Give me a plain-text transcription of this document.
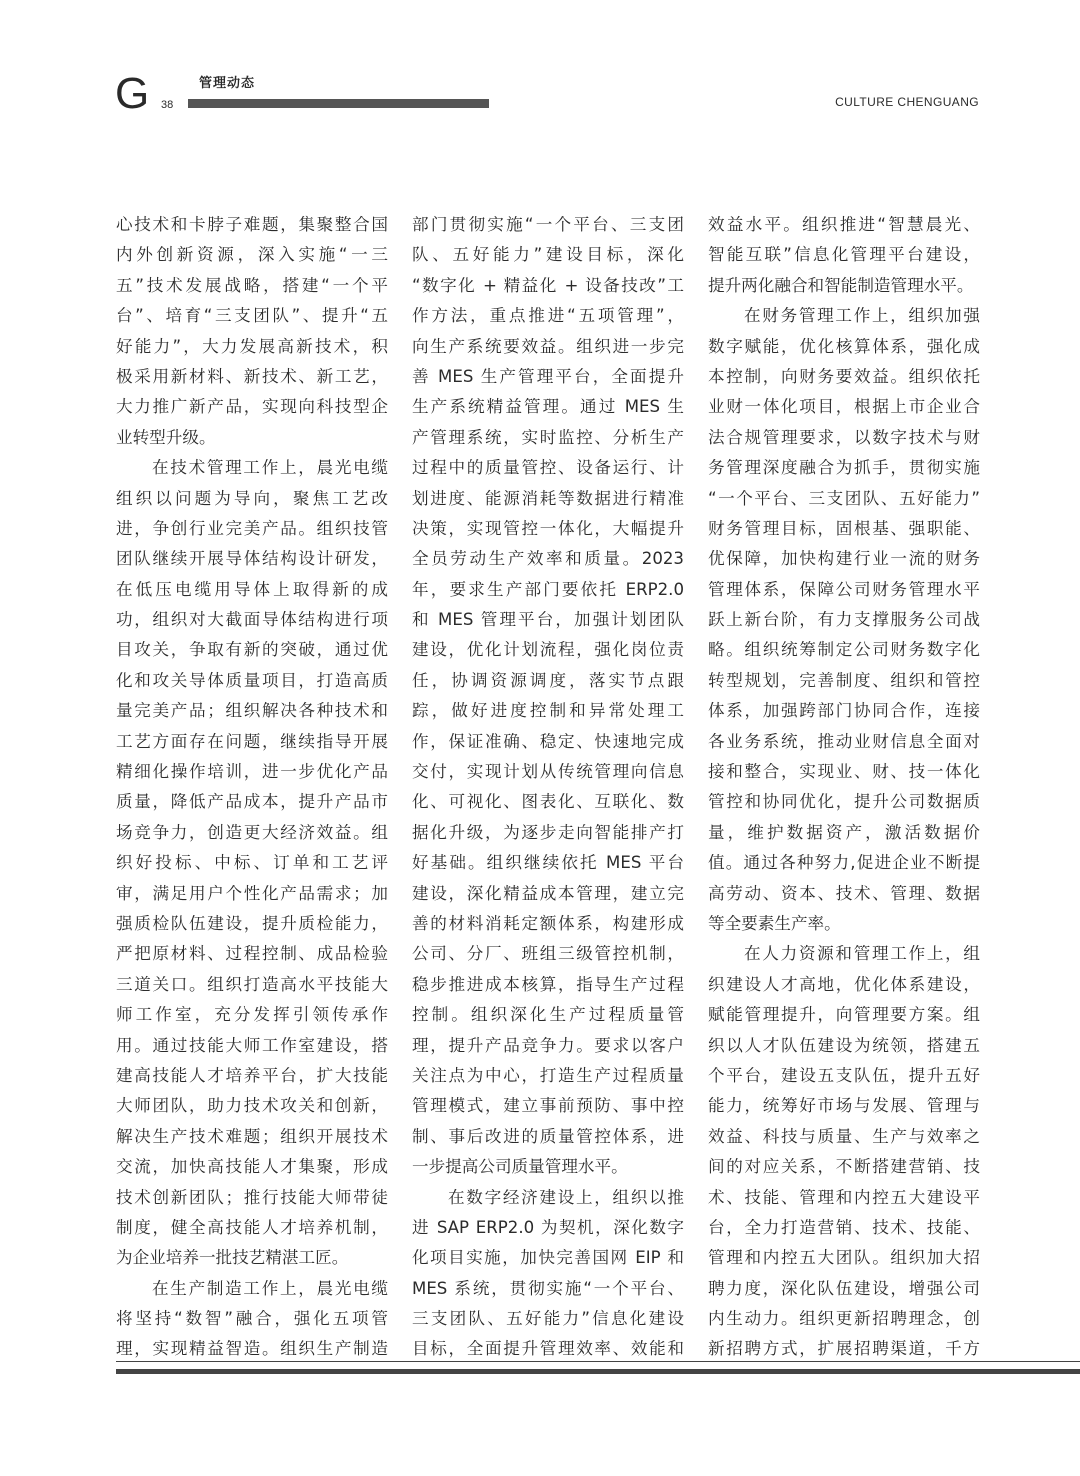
G 38
管理动态
CULTURE CHENGUANG
心技术和卡脖子难题，集聚整合国
内外创新资源，深入实施“一三
五”技术发展战略，搭建“一个平
台”、培育“三支团队”、提升“五
好能力”，大力发展高新技术，积
极采用新材料、新技术、新工艺，
大力推广新产品，实现向科技型企
业转型升级。
在技术管理工作上，晨光电缆
组织以问题为导向，聚焦工艺改
进，争创行业完美产品。组织技管
团队继续开展导体结构设计研发，
在低压电缆用导体上取得新的成
功，组织对大截面导体结构进行项
目攻关，争取有新的突破，通过优
化和攻关导体质量项目，打造高质
量完美产品；组织解决各种技术和
工艺方面存在问题，继续指导开展
精细化操作培训，进一步优化产品
质量，降低产品成本，提升产品市
场竞争力，创造更大经济效益。组
织好投标、中标、订单和工艺评
审，满足用户个性化产品需求；加
强质检队伍建设，提升质检能力，
严把原材料、过程控制、成品检验
三道关口。组织打造高水平技能大
师工作室，充分发挥引领传承作
用。通过技能大师工作室建设，搭
建高技能人才培养平台，扩大技能
大师团队，助力技术攻关和创新，
解决生产技术难题；组织开展技术
交流，加快高技能人才集聚，形成
技术创新团队；推行技能大师带徒
制度，健全高技能人才培养机制，
为企业培养一批技艺精湛工匠。
在生产制造工作上，晨光电缆
将坚持“数智”融合，强化五项管
理，实现精益智造。组织生产制造
部门贯彻实施“一个平台、三支团
队、五好能力”建设目标，深化
“数字化 + 精益化 + 设备技改”工
作方法，重点推进“五项管理”，
向生产系统要效益。组织进一步完
善 MES 生产管理平台，全面提升
生产系统精益管理。通过 MES 生
产管理系统，实时监控、分析生产
过程中的质量管控、设备运行、计
划进度、能源消耗等数据进行精准
决策，实现管控一体化，大幅提升
全员劳动生产效率和质量。2023
年，要求生产部门要依托 ERP2.0
和 MES 管理平台，加强计划团队
建设，优化计划流程，强化岗位责
任，协调资源调度，落实节点跟
踪，做好进度控制和异常处理工
作，保证准确、稳定、快速地完成
交付，实现计划从传统管理向信息
化、可视化、图表化、互联化、数
据化升级，为逐步走向智能排产打
好基础。组织继续依托 MES 平台
建设，深化精益成本管理，建立完
善的材料消耗定额体系，构建形成
公司、分厂、班组三级管控机制，
稳步推进成本核算，指导生产过程
控制。组织深化生产过程质量管
理，提升产品竞争力。要求以客户
关注点为中心，打造生产过程质量
管理模式，建立事前预防、事中控
制、事后改进的质量管控体系，进
一步提高公司质量管理水平。
在数字经济建设上，组织以推
进 SAP ERP2.0 为契机，深化数字
化项目实施，加快完善国网 EIP 和
MES 系统，贯彻实施“一个平台、
三支团队、五好能力”信息化建设
目标，全面提升管理效率、效能和
效益水平。组织推进“智慧晨光、
智能互联”信息化管理平台建设，
提升两化融合和智能制造管理水平。
在财务管理工作上，组织加强
数字赋能，优化核算体系，强化成
本控制，向财务要效益。组织依托
业财一体化项目，根据上市企业合
法合规管理要求，以数字技术与财
务管理深度融合为抓手，贯彻实施
“一个平台、三支团队、五好能力”
财务管理目标，固根基、强职能、
优保障，加快构建行业一流的财务
管理体系，保障公司财务管理水平
跃上新台阶，有力支撑服务公司战
略。组织统筹制定公司财务数字化
转型规划，完善制度、组织和管控
体系，加强跨部门协同合作，连接
各业务系统，推动业财信息全面对
接和整合，实现业、财、技一体化
管控和协同优化，提升公司数据质
量，维护数据资产，激活数据价
值。通过各种努力,促进企业不断提
高劳动、资本、技术、管理、数据
等全要素生产率。
在人力资源和管理工作上，组
织建设人才高地，优化体系建设，
赋能管理提升，向管理要方案。组
织以人才队伍建设为统领，搭建五
个平台，建设五支队伍，提升五好
能力，统筹好市场与发展、管理与
效益、科技与质量、生产与效率之
间的对应关系，不断搭建营销、技
术、技能、管理和内控五大建设平
台，全力打造营销、技术、技能、
管理和内控五大团队。组织加大招
聘力度，深化队伍建设，增强公司
内生动力。组织更新招聘理念，创
新招聘方式，扩展招聘渠道，千方
